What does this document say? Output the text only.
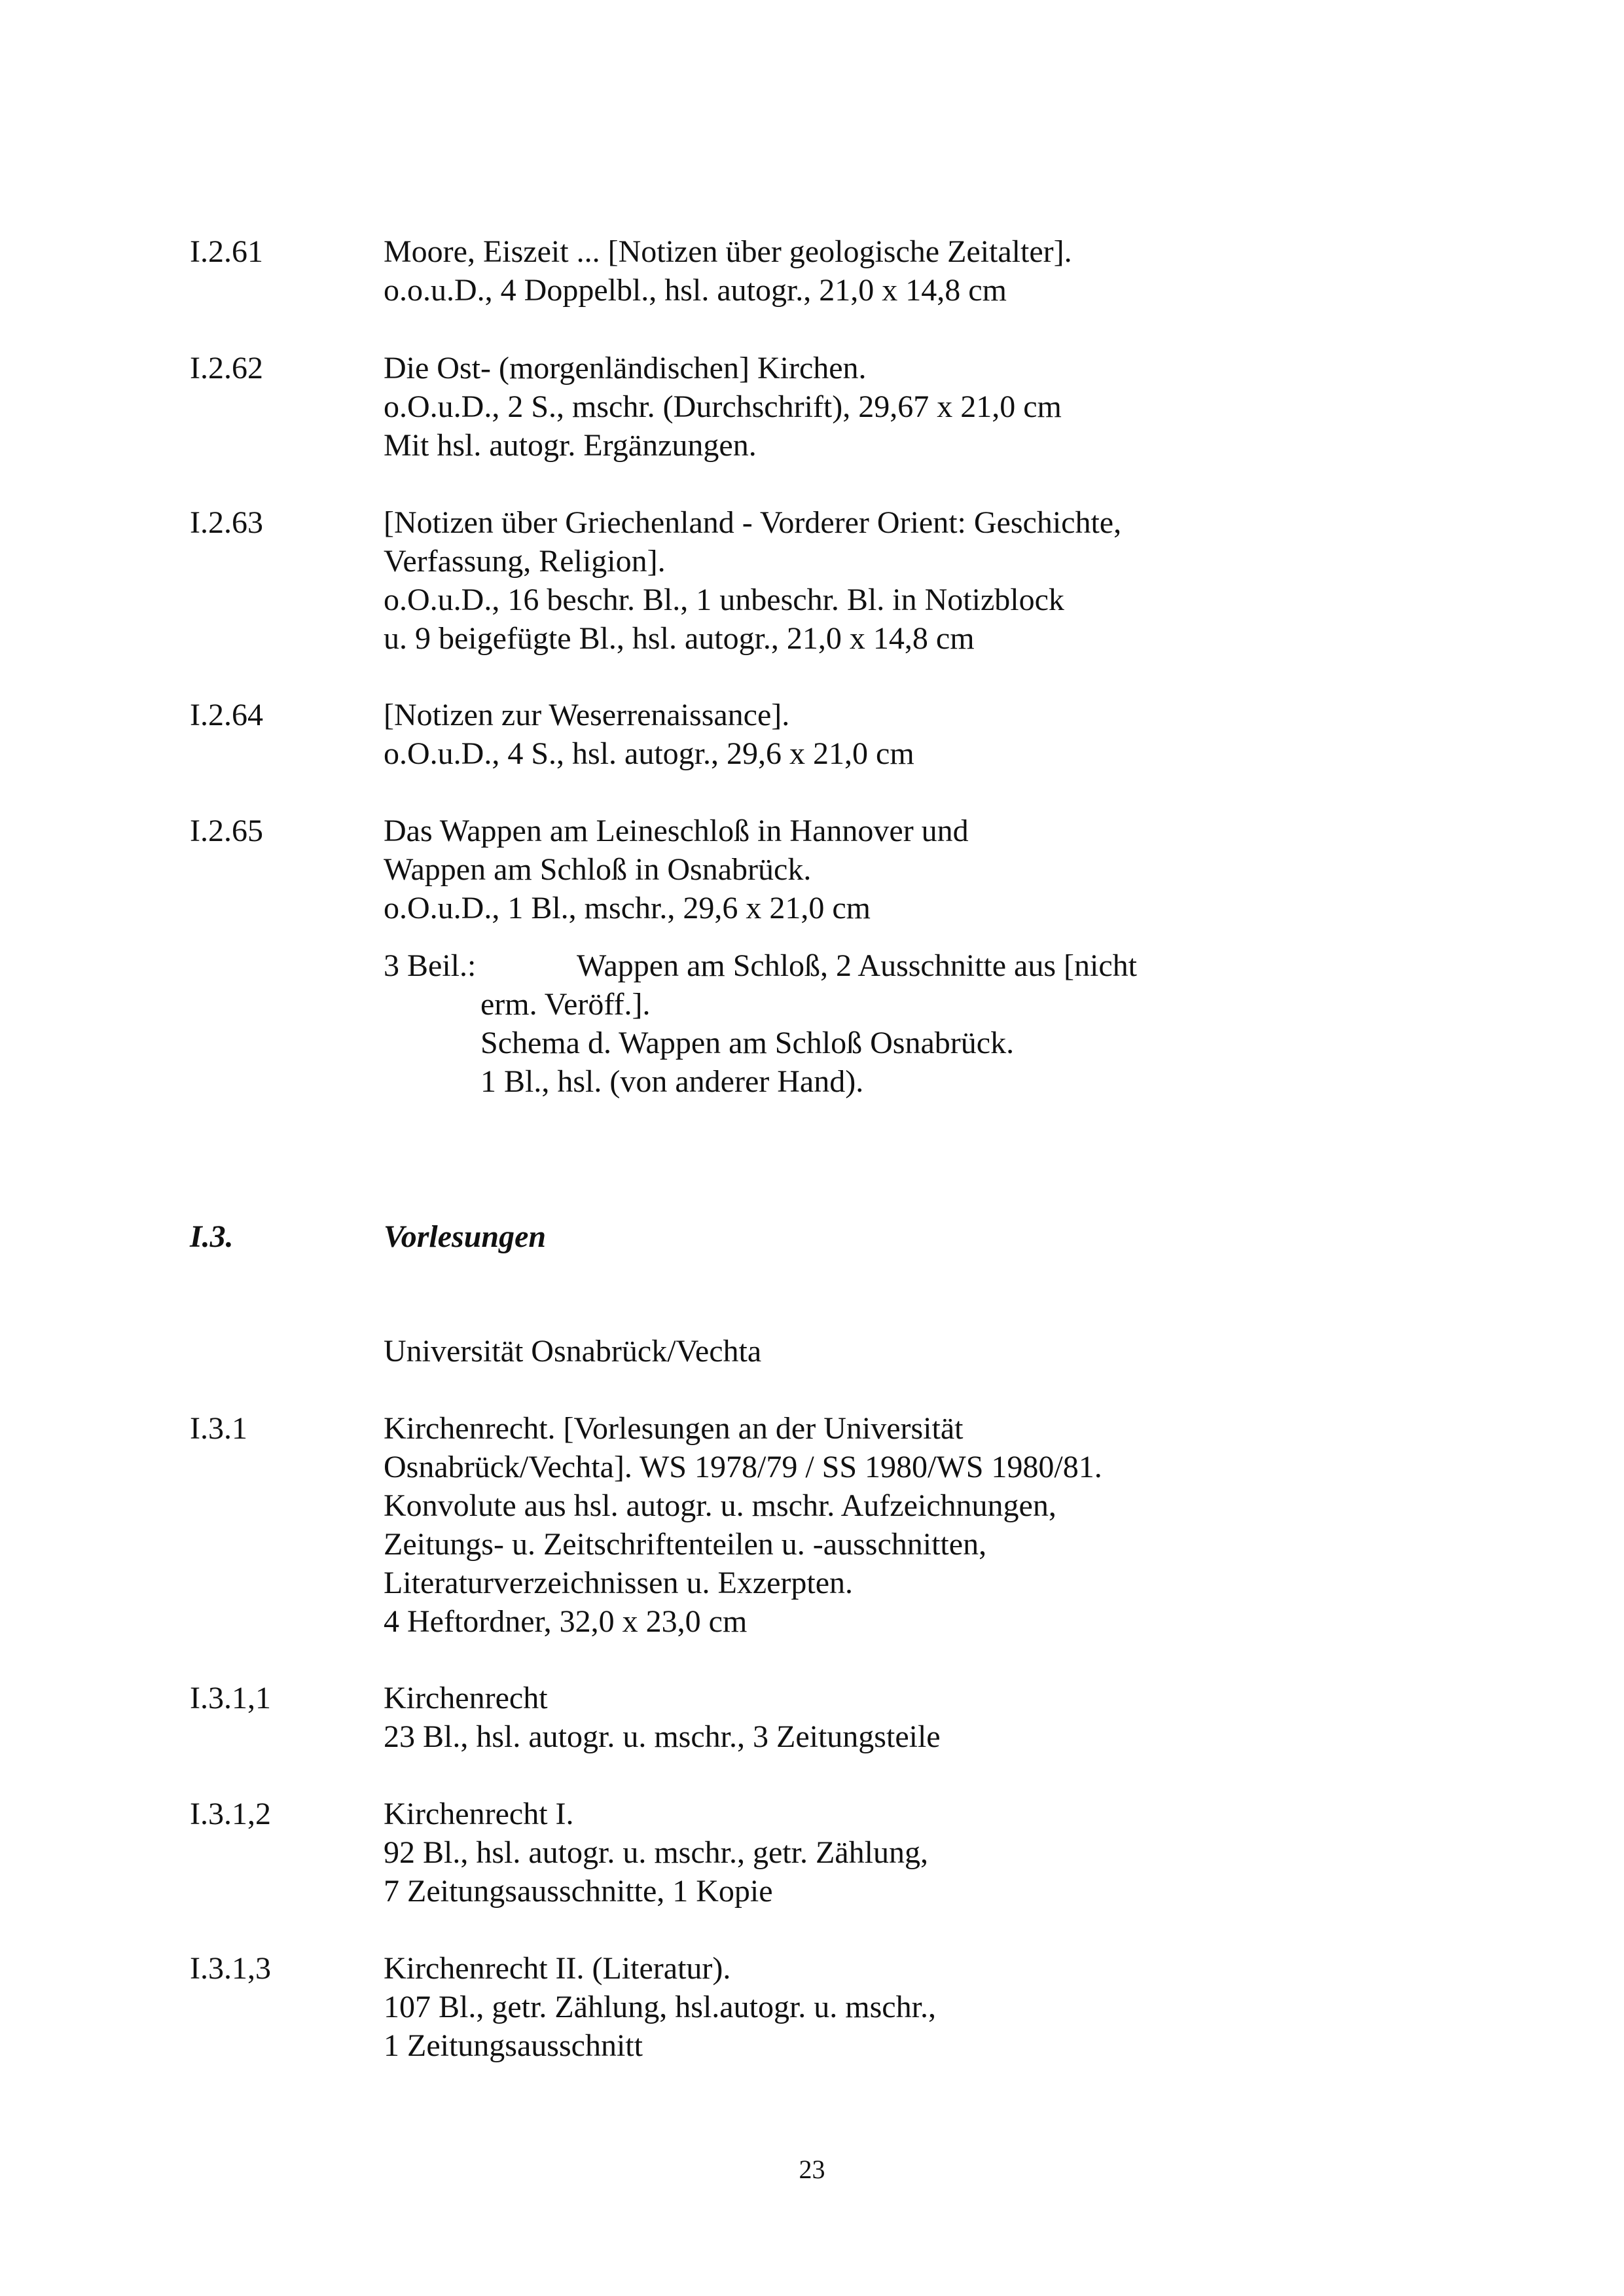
I.2.61	Moore, Eiszeit ... [Notizen über geologische Zeitalter].
o.o.u.D., 4 Doppelbl., hsl. autogr., 21,0 x 14,8 cm
I.2.62	Die Ost- (morgenländischen] Kirchen.
o.O.u.D., 2 S., mschr. (Durchschrift), 29,67 x 21,0 cm
Mit hsl. autogr. Ergänzungen.
I.2.63	[Notizen über Griechenland - Vorderer Orient: Geschichte,
Verfassung, Religion].
o.O.u.D., 16 beschr. Bl., 1 unbeschr. Bl. in Notizblock
u. 9 beigefügte Bl., hsl. autogr., 21,0 x 14,8 cm
I.2.64	[Notizen zur Weserrenaissance].
o.O.u.D., 4 S., hsl. autogr., 29,6 x 21,0 cm
I.2.65	Das Wappen am Leineschloß in Hannover und
Wappen am Schloß in Osnabrück.
o.O.u.D., 1 Bl., mschr., 29,6 x 21,0 cm
3 Beil.:	Wappen am Schloß, 2 Ausschnitte aus [nicht
erm. Veröff.].
Schema d. Wappen am Schloß Osnabrück.
1 Bl., hsl. (von anderer Hand).
I.3.	Vorlesungen
Universität Osnabrück/Vechta
I.3.1	Kirchenrecht. [Vorlesungen an der Universität
Osnabrück/Vechta]. WS 1978/79 / SS 1980/WS 1980/81.
Konvolute aus hsl. autogr. u. mschr. Aufzeichnungen,
Zeitungs- u. Zeitschriftenteilen u. -ausschnitten,
Literaturverzeichnissen u. Exzerpten.
4 Heftordner, 32,0 x 23,0 cm
I.3.1,1	Kirchenrecht
23 Bl., hsl. autogr. u. mschr., 3 Zeitungsteile
I.3.1,2	Kirchenrecht I.
92 Bl., hsl. autogr. u. mschr., getr. Zählung,
7 Zeitungsausschnitte, 1 Kopie
I.3.1,3	Kirchenrecht II. (Literatur).
107 Bl., getr. Zählung, hsl.autogr. u. mschr.,
1 Zeitungsausschnitt
23
